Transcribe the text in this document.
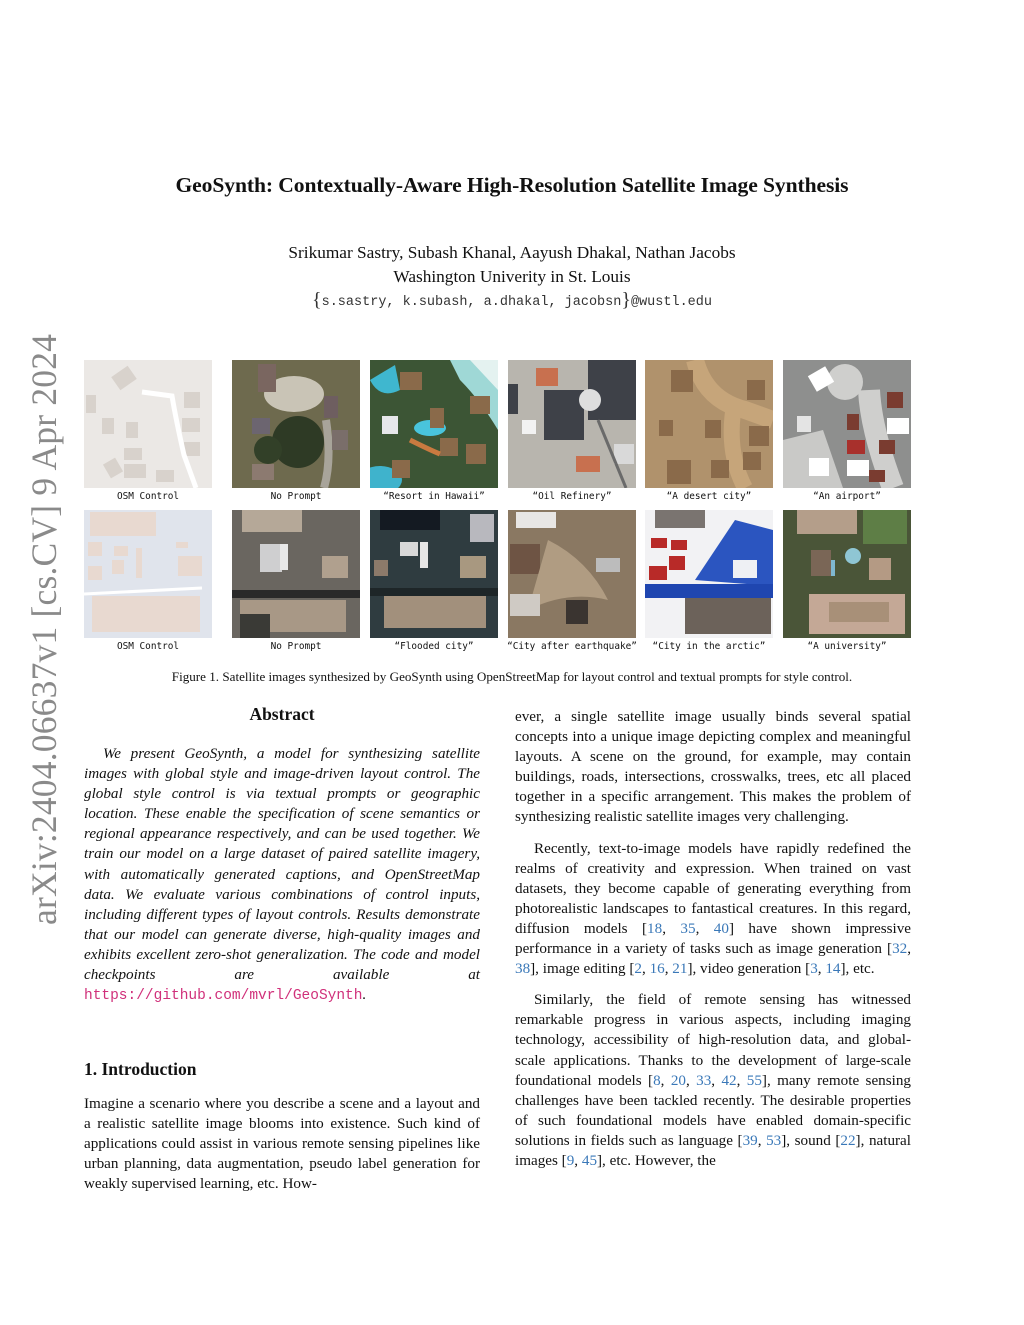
arXiv:2404.06637v1 [cs.CV] 9 Apr 2024
GeoSynth: Contextually-Aware High-Resolution Satellite Image Synthesis
Srikumar Sastry, Subash Khanal, Aayush Dhakal, Nathan Jacobs
Washington Univerity in St. Louis
{s.sastry, k.subash, a.dhakal, jacobsn}@wustl.edu
OSM Control	No Prompt	“Resort in Hawaii”	“Oil Refinery”	“A desert city”	“An airport”
OSM Control	No Prompt	“Flooded city”	“City after earthquake”	“City in the arctic”	“A university”
Figure 1. Satellite images synthesized by GeoSynth using OpenStreetMap for layout control and textual prompts for style control.
Abstract

We present GeoSynth, a model for synthesizing satellite images with global style and image-driven layout control. The global style control is via textual prompts or geographic location. These enable the specification of scene semantics or regional appearance respectively, and can be used together. We train our model on a large dataset of paired satellite imagery, with automatically generated captions, and OpenStreetMap data. We evaluate various combinations of control inputs, including different types of layout controls. Results demonstrate that our model can generate diverse, high-quality images and exhibits excellent zero-shot generalization. The code and model checkpoints are available at https://github.com/mvrl/GeoSynth.

1. Introduction

Imagine a scenario where you describe a scene and a layout and a realistic satellite image blooms into existence. Such kind of applications could assist in various remote sensing pipelines like urban planning, data augmentation, pseudo label generation for weakly supervised learning, etc. How-

ever, a single satellite image usually binds several spatial concepts into a unique image depicting complex and meaningful layouts. A scene on the ground, for example, may contain buildings, roads, intersections, crosswalks, trees, etc all placed together in a specific arrangement. This makes the problem of synthesizing realistic satellite images very challenging.

Recently, text-to-image models have rapidly redefined the realms of creativity and expression. When trained on vast datasets, they become capable of generating everything from photorealistic landscapes to fantastical creatures. In this regard, diffusion models [18, 35, 40] have shown impressive performance in a variety of tasks such as image generation [32, 38], image editing [2, 16, 21], video generation [3, 14], etc.

Similarly, the field of remote sensing has witnessed remarkable progress in various aspects, including imaging technology, accessibility of high-resolution data, and global-scale applications. Thanks to the development of large-scale foundational models [8, 20, 33, 42, 55], many remote sensing challenges have been tackled recently. The desirable properties of such foundational models have enabled domain-specific solutions in fields such as language [39, 53], sound [22], natural images [9, 45], etc. However, the
